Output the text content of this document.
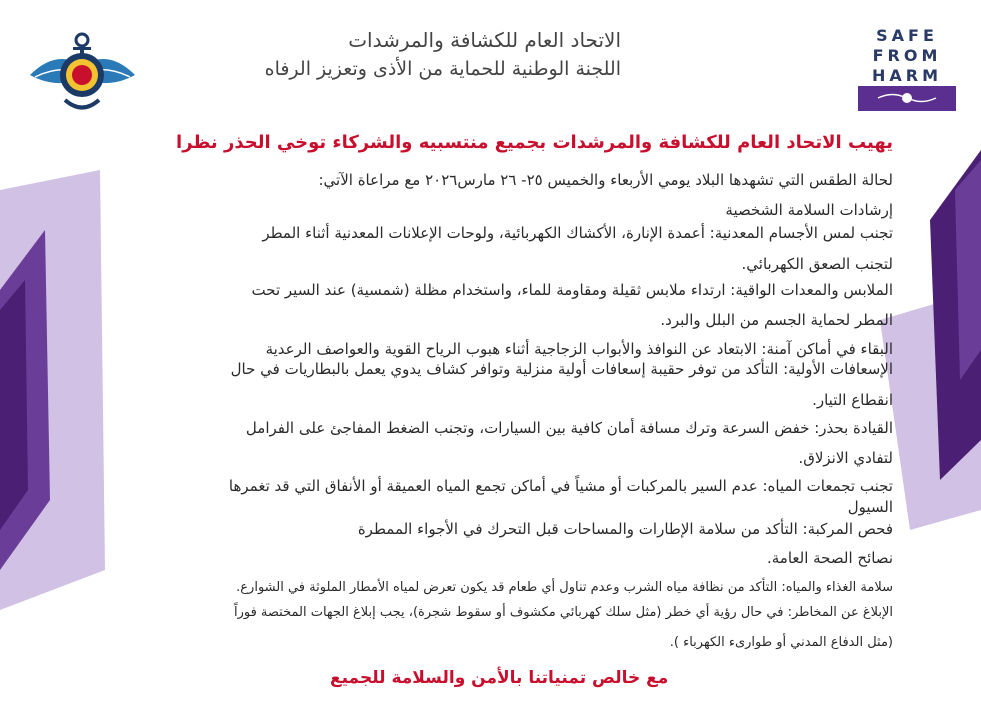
SAFE
FROM
HARM
الاتحاد العام للكشافة والمرشدات
اللجنة الوطنية للحماية من الأذى وتعزيز الرفاه
يهيب الاتحاد العام للكشافة والمرشدات بجميع منتسبيه والشركاء توخي الحذر نظرا
لحالة الطقس التي تشهدها البلاد يومي الأربعاء والخميس ٢٥- ٢٦ مارس٢٠٢٦ مع مراعاة الآتي:
إرشادات السلامة الشخصية
تجنب لمس الأجسام المعدنية: أعمدة الإنارة، الأكشاك الكهربائية، ولوحات الإعلانات المعدنية أثناء المطر
لتجنب الصعق الكهربائي.
الملابس والمعدات الواقية: ارتداء ملابس ثقيلة ومقاومة للماء، واستخدام مظلة (شمسية) عند السير تحت
المطر لحماية الجسم من البلل والبرد.
البقاء في أماكن آمنة: الابتعاد عن النوافذ والأبواب الزجاجية أثناء هبوب الرياح القوية والعواصف الرعدية
الإسعافات الأولية: التأكد من توفر حقيبة إسعافات أولية منزلية وتوافر كشاف يدوي يعمل بالبطاريات في حال
انقطاع التيار.
القيادة بحذر: خفض السرعة وترك مسافة أمان كافية بين السيارات، وتجنب الضغط المفاجئ على الفرامل
لتفادي الانزلاق.
تجنب تجمعات المياه: عدم السير بالمركبات أو مشياً في أماكن تجمع المياه العميقة أو الأنفاق التي قد تغمرها
السيول
فحص المركبة: التأكد من سلامة الإطارات والمساحات قبل التحرك في الأجواء الممطرة
نصائح الصحة العامة.
سلامة الغذاء والمياه: التأكد من نظافة مياه الشرب وعدم تناول أي طعام قد يكون تعرض لمياه الأمطار الملوثة في الشوارع.
الإبلاغ عن المخاطر: في حال رؤية أي خطر (مثل سلك كهربائي مكشوف أو سقوط شجرة)، يجب إبلاغ الجهات المختصة فوراً
(مثل الدفاع المدني أو طوارىء الكهرباء ).
مع خالص تمنياتنا بالأمن والسلامة للجميع
